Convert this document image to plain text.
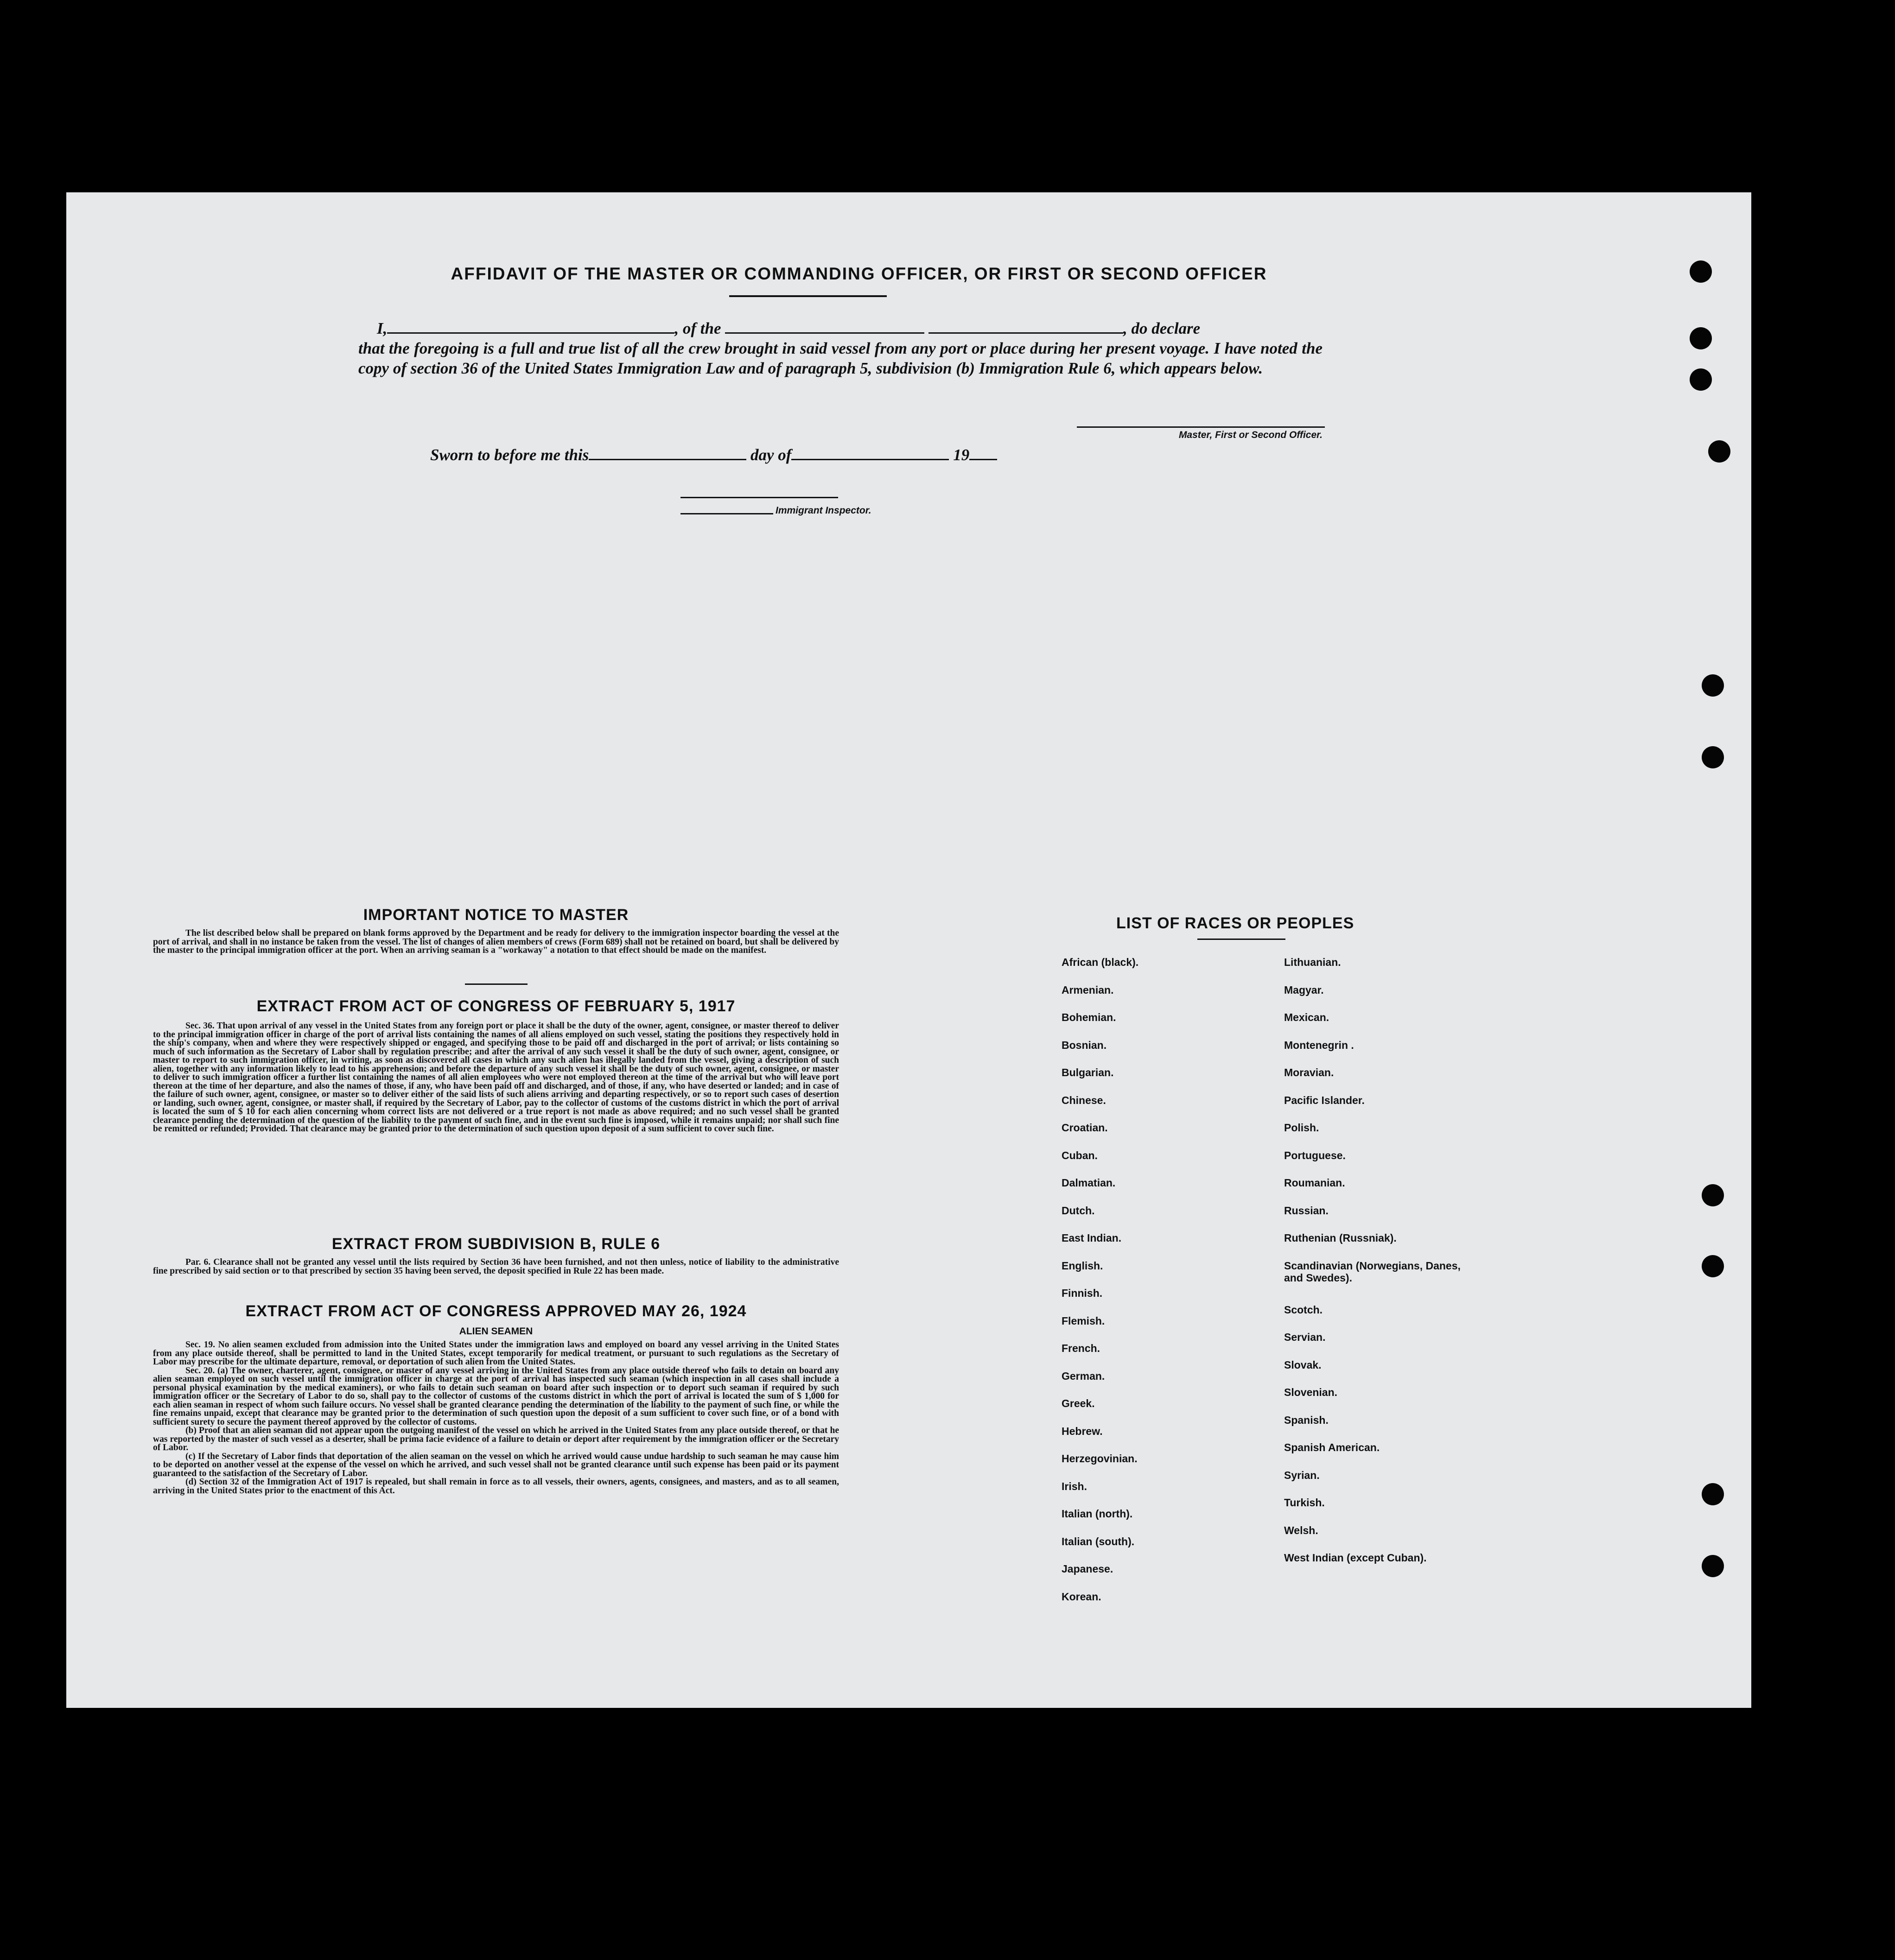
AFFIDAVIT OF THE MASTER OR COMMANDING OFFICER, OR FIRST OR SECOND OFFICER
I,	, of the	, do declare
that the foregoing is a full and true list of all the crew brought in said vessel from any port or place during her present voyage. I have noted the copy of section 36 of the United States Immigration Law and of paragraph 5, subdivision (b) Immigration Rule 6, which appears below.
Master, First or Second Officer.
Sworn to before me this	day of	19
Immigrant Inspector.
IMPORTANT NOTICE TO MASTER
The list described below shall be prepared on blank forms approved by the Department and be ready for delivery to the immigration inspector boarding the vessel at the port of arrival, and shall in no instance be taken from the vessel. The list of changes of alien members of crews (Form 689) shall not be retained on board, but shall be delivered by the master to the principal immigration officer at the port. When an arriving seaman is a "workaway" a notation to that effect should be made on the manifest.
EXTRACT FROM ACT OF CONGRESS OF FEBRUARY 5, 1917
Sec. 36. That upon arrival of any vessel in the United States from any foreign port or place it shall be the duty of the owner, agent, consignee, or master thereof to deliver to the principal immigration officer in charge of the port of arrival lists containing the names of all aliens employed on such vessel, stating the positions they respectively hold in the ship's company, when and where they were respectively shipped or engaged, and specifying those to be paid off and discharged in the port of arrival; or lists containing so much of such information as the Secretary of Labor shall by regulation prescribe; and after the arrival of any such vessel it shall be the duty of such owner, agent, consignee, or master to report to such immigration officer, in writing, as soon as discovered all cases in which any such alien has illegally landed from the vessel, giving a description of such alien, together with any information likely to lead to his apprehension; and before the departure of any such vessel it shall be the duty of such owner, agent, consignee, or master to deliver to such immigration officer a further list containing the names of all alien employees who were not employed thereon at the time of the arrival but who will leave port thereon at the time of her departure, and also the names of those, if any, who have been paid off and discharged, and of those, if any, who have deserted or landed; and in case of the failure of such owner, agent, consignee, or master so to deliver either of the said lists of such aliens arriving and departing respectively, or so to report such cases of desertion or landing, such owner, agent, consignee, or master shall, if required by the Secretary of Labor, pay to the collector of customs of the customs district in which the port of arrival is located the sum of $ 10 for each alien concerning whom correct lists are not delivered or a true report is not made as above required; and no such vessel shall be granted clearance pending the determination of the question of the liability to the payment of such fine, and in the event such fine is imposed, while it remains unpaid; nor shall such fine be remitted or refunded; Provided. That clearance may be granted prior to the determination of such question upon deposit of a sum sufficient to cover such fine.
EXTRACT FROM SUBDIVISION B, RULE 6
Par. 6. Clearance shall not be granted any vessel until the lists required by Section 36 have been furnished, and not then unless, notice of liability to the administrative fine prescribed by said section or to that prescribed by section 35 having been served, the deposit specified in Rule 22 has been made.
EXTRACT FROM ACT OF CONGRESS APPROVED MAY 26, 1924
ALIEN SEAMEN
Sec. 19. No alien seamen excluded from admission into the United States under the immigration laws and employed on board any vessel arriving in the United States from any place outside thereof, shall be permitted to land in the United States, except temporarily for medical treatment, or pursuant to such regulations as the Secretary of Labor may prescribe for the ultimate departure, removal, or deportation of such alien from the United States.
Sec. 20. (a) The owner, charterer, agent, consignee, or master of any vessel arriving in the United States from any place outside thereof who fails to detain on board any alien seaman employed on such vessel until the immigration officer in charge at the port of arrival has inspected such seaman (which inspection in all cases shall include a personal physical examination by the medical examiners), or who fails to detain such seaman on board after such inspection or to deport such seaman if required by such immigration officer or the Secretary of Labor to do so, shall pay to the collector of customs of the customs district in which the port of arrival is located the sum of $ 1,000 for each alien seaman in respect of whom such failure occurs. No vessel shall be granted clearance pending the determination of the liability to the payment of such fine, or while the fine remains unpaid, except that clearance may be granted prior to the determination of such question upon the deposit of a sum sufficient to cover such fine, or of a bond with sufficient surety to secure the payment thereof approved by the collector of customs.
(b) Proof that an alien seaman did not appear upon the outgoing manifest of the vessel on which he arrived in the United States from any place outside thereof, or that he was reported by the master of such vessel as a deserter, shall be prima facie evidence of a failure to detain or deport after requirement by the immigration officer or the Secretary of Labor.
(c) If the Secretary of Labor finds that deportation of the alien seaman on the vessel on which he arrived would cause undue hardship to such seaman he may cause him to be deported on another vessel at the expense of the vessel on which he arrived, and such vessel shall not be granted clearance until such expense has been paid or its payment guaranteed to the satisfaction of the Secretary of Labor.
(d) Section 32 of the Immigration Act of 1917 is repealed, but shall remain in force as to all vessels, their owners, agents, consignees, and masters, and as to all seamen, arriving in the United States prior to the enactment of this Act.
LIST OF RACES OR PEOPLES
African (black).
Armenian.
Bohemian.
Bosnian.
Bulgarian.
Chinese.
Croatian.
Cuban.
Dalmatian.
Dutch.
East Indian.
English.
Finnish.
Flemish.
French.
German.
Greek.
Hebrew.
Herzegovinian.
Irish.
Italian (north).
Italian (south).
Japanese.
Korean.
Lithuanian.
Magyar.
Mexican.
Montenegrin .
Moravian.
Pacific Islander.
Polish.
Portuguese.
Roumanian.
Russian.
Ruthenian (Russniak).
Scandinavian (Norwegians, Danes, and Swedes).
Scotch.
Servian.
Slovak.
Slovenian.
Spanish.
Spanish American.
Syrian.
Turkish.
Welsh.
West Indian (except Cuban).
